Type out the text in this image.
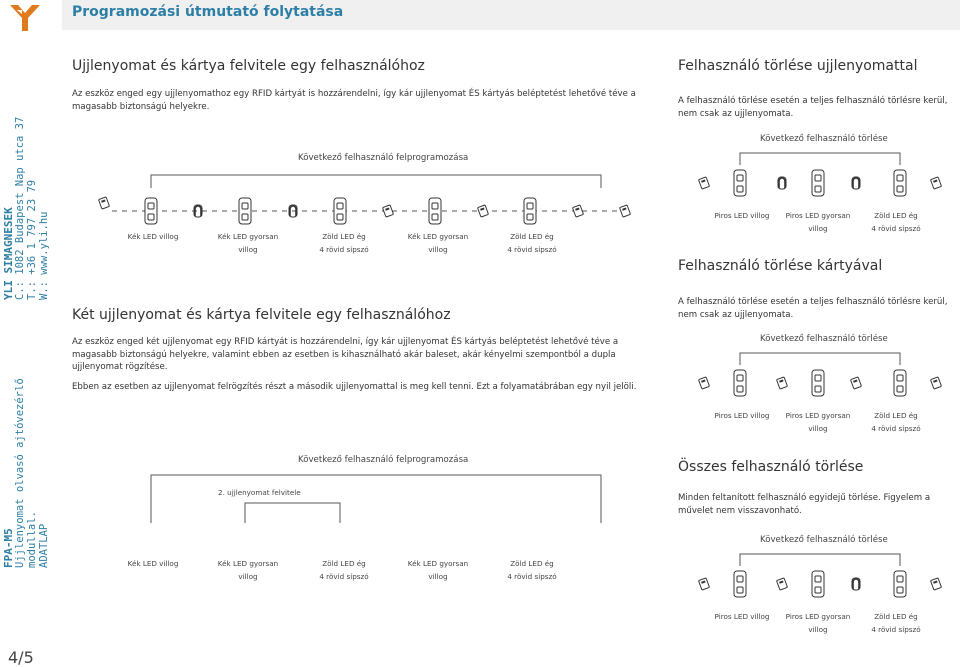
Programozási útmutató folytatása
YLI SIMAGNESEK C.: 1082 Budapest Nap utca 37 T.: +36 1 797 23 79 W.: www.yli.hu
FPA-M5 Ujjlenyomat olvasó ajtóvezérlő modullal. ADATLAP
4/5
Ujjlenyomat és kártya felvitele egy felhasználóhoz
Az eszköz enged egy ujjlenyomathoz egy RFID kártyát is hozzárendelni, így kár ujjlenyomat ÉS kártyás beléptetést lehetővé téve a magasabb biztonságú helyekre.
Következő felhasználó felprogramozása
Kék LED villog	Kék LED gyorsan
villog
Zöld LED ég
4 rövid sípszó
Kék LED gyorsan
villog
Zöld LED ég
4 rövid sípszó
Két ujjlenyomat és kártya felvitele egy felhasználóhoz
Az eszköz enged két ujjlenyomat egy RFID kártyát is hozzárendelni, így kár ujjlenyomat ÉS kártyás beléptetést lehetővé téve a magasabb biztonságú helyekre, valamint ebben az esetben is kihasználható akár baleset, akár kényelmi szempontból a dupla ujjlenyomat rögzítése.
Ebben az esetben az ujjlenyomat felrögzítés részt a második ujjlenyomattal is meg kell tenni. Ezt a folyamatábrában egy nyil jelöli.
Következő felhasználó felprogramozása
2. ujjlenyomat felvitele
Kék LED villog	Kék LED gyorsan
villog
Zöld LED ég
4 rövid sípszó
Kék LED gyorsan
villog
Zöld LED ég
4 rövid sípszó
Felhasználó törlése ujjlenyomattal
A felhasználó törlése esetén a teljes felhasználó törlésre kerül, nem csak az ujjlenyomata.
Következő felhasználó törlése
Piros LED villog	Piros LED gyorsan
villog
Zöld LED ég
4 rövid sípszó
Felhasználó törlése kártyával
A felhasználó törlése esetén a teljes felhasználó törlésre kerül, nem csak az ujjlenyomata.
Következő felhasználó törlése
Piros LED villog	Piros LED gyorsan
villog
Zöld LED ég
4 rövid sípszó
Összes felhasználó törlése
Minden feltanított felhasználó egyidejű törlése. Figyelem a művelet nem visszavonható.
Következő felhasználó törlése
Piros LED villog	Piros LED gyorsan
villog
Zöld LED ég
4 rövid sípszó
